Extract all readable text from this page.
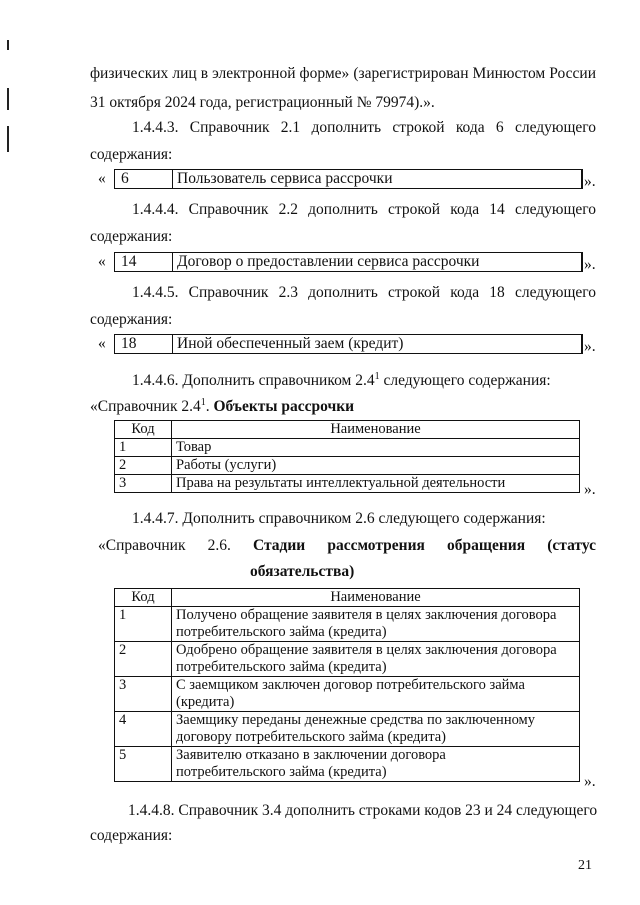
физических лиц в электронной форме» (зарегистрирован Минюстом России
31 октября 2024 года, регистрационный № 79974).».
1.4.4.3. Справочник 2.1 дополнить строкой кода 6 следующего
содержания:
« 6	Пользователь сервиса рассрочки	».
1.4.4.4. Справочник 2.2 дополнить строкой кода 14 следующего
содержания:
« 14	Договор о предоставлении сервиса рассрочки	».
1.4.4.5. Справочник 2.3 дополнить строкой кода 18 следующего
содержания:
« 18	Иной обеспеченный заем (кредит)	».
1.4.4.6. Дополнить справочником $2.4^1$ следующего содержания:
«Справочник $2.4^1$. Объекты рассрочки
Код	Наименование
1	Товар
2	Работы (услуги)
3	Права на результаты интеллектуальной деятельности	».
1.4.4.7. Дополнить справочником 2.6 следующего содержания:
«Справочник 2.6. Стадии рассмотрения обращения (статус
обязательства)
Код	Наименование
1	Получено обращение заявителя в целях заключения договора
потребительского займа (кредита)
2	Одобрено обращение заявителя в целях заключения договора
потребительского займа (кредита)
3	С заемщиком заключен договор потребительского займа
(кредита)
4	Заемщику переданы денежные средства по заключенному
договору потребительского займа (кредита)
5	Заявителю отказано в заключении договора
потребительского займа (кредита)
».
1.4.4.8. Справочник 3.4 дополнить строками кодов 23 и 24 следующего
содержания:
21
